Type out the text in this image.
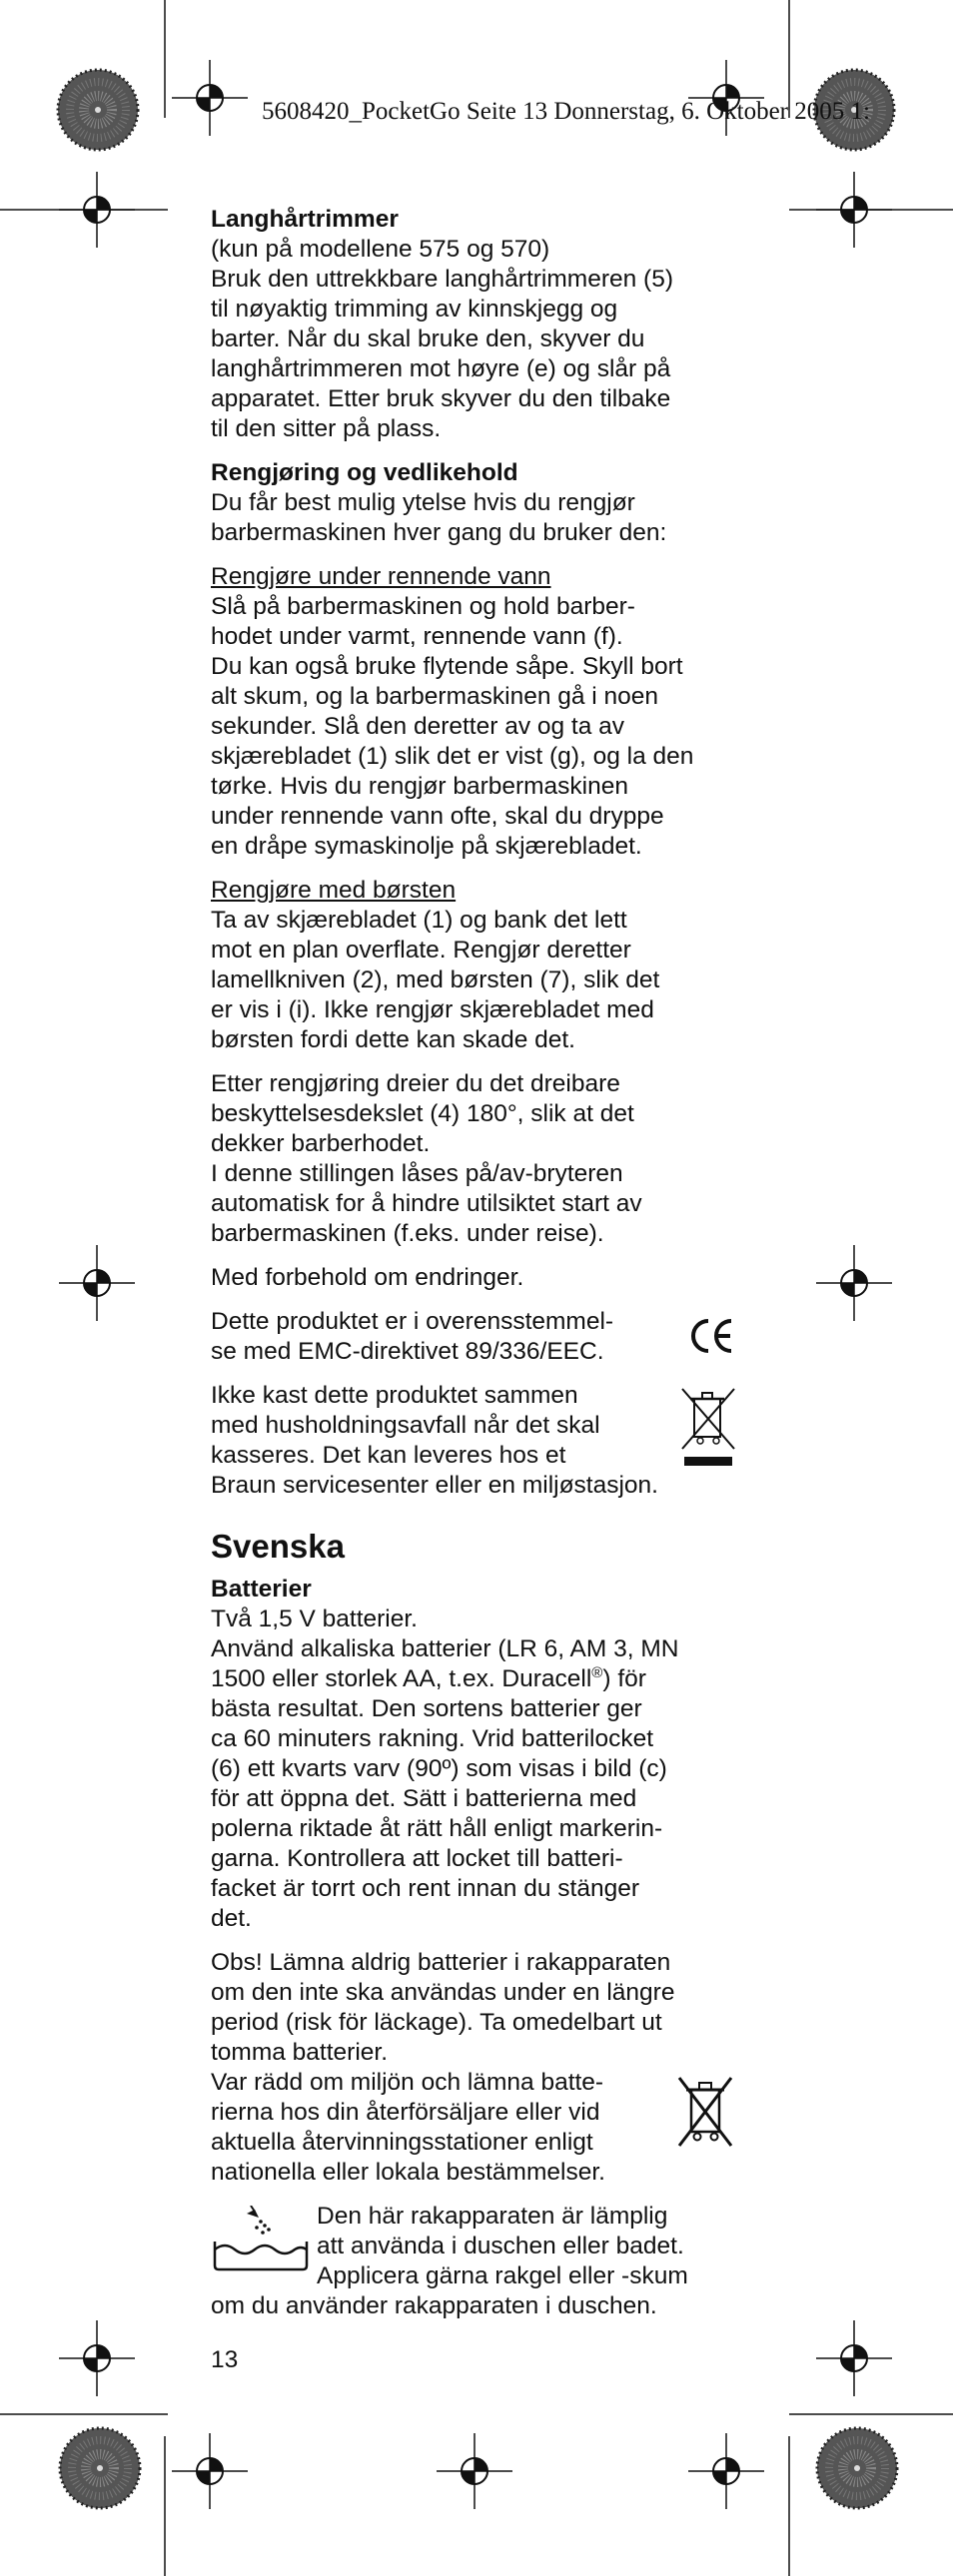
5608420_PocketGo Seite 13 Donnerstag, 6. Oktober 2005 1:
Langhårtrimmer
(kun på modellene 575 og 570)
Bruk den uttrekkbare langhårtrimmeren (5)
til nøyaktig trimming av kinnskjegg og
barter. Når du skal bruke den, skyver du
langhårtrimmeren mot høyre (e) og slår på
apparatet. Etter bruk skyver du den tilbake
til den sitter på plass.
Rengjøring og vedlikehold
Du får best mulig ytelse hvis du rengjør
barbermaskinen hver gang du bruker den:
Rengjøre under rennende vann
Slå på barbermaskinen og hold barber-
hodet under varmt, rennende vann (f).
Du kan også bruke flytende såpe. Skyll bort
alt skum, og la barbermaskinen gå i noen
sekunder. Slå den deretter av og ta av
skjærebladet (1) slik det er vist (g), og la den
tørke. Hvis du rengjør barbermaskinen
under rennende vann ofte, skal du dryppe
en dråpe symaskinolje på skjærebladet.
Rengjøre med børsten
Ta av skjærebladet (1) og bank det lett
mot en plan overflate. Rengjør deretter
lamellkniven (2), med børsten (7), slik det
er vis i (i). Ikke rengjør skjærebladet med
børsten fordi dette kan skade det.
Etter rengjøring dreier du det dreibare
beskyttelsesdekslet (4) 180°, slik at det
dekker barberhodet.
I denne stillingen låses på/av-bryteren
automatisk for å hindre utilsiktet start av
barbermaskinen (f.eks. under reise).
Med forbehold om endringer.
Dette produktet er i overensstemmel-
se med EMC-direktivet 89/336/EEC.
Ikke kast dette produktet sammen
med husholdningsavfall når det skal
kasseres. Det kan leveres hos et
Braun servicesenter eller en miljøstasjon.
Svenska
Batterier
Två 1,5 V batterier.
Använd alkaliska batterier (LR 6, AM 3, MN
1500 eller storlek AA, t.ex. Duracell®) för
bästa resultat. Den sortens batterier ger
ca 60 minuters rakning. Vrid batterilocket
(6) ett kvarts varv (90º) som visas i bild (c)
för att öppna det. Sätt i batterierna med
polerna riktade åt rätt håll enligt markerin-
garna. Kontrollera att locket till batteri-
facket är torrt och rent innan du stänger
det.
Obs! Lämna aldrig batterier i rakapparaten
om den inte ska användas under en längre
period (risk för läckage). Ta omedelbart ut
tomma batterier.
Var rädd om miljön och lämna batte-
rierna hos din återförsäljare eller vid
aktuella återvinningsstationer enligt
nationella eller lokala bestämmelser.
Den här rakapparaten är lämplig
att använda i duschen eller badet.
Applicera gärna rakgel eller -skum
om du använder rakapparaten i duschen.
13
